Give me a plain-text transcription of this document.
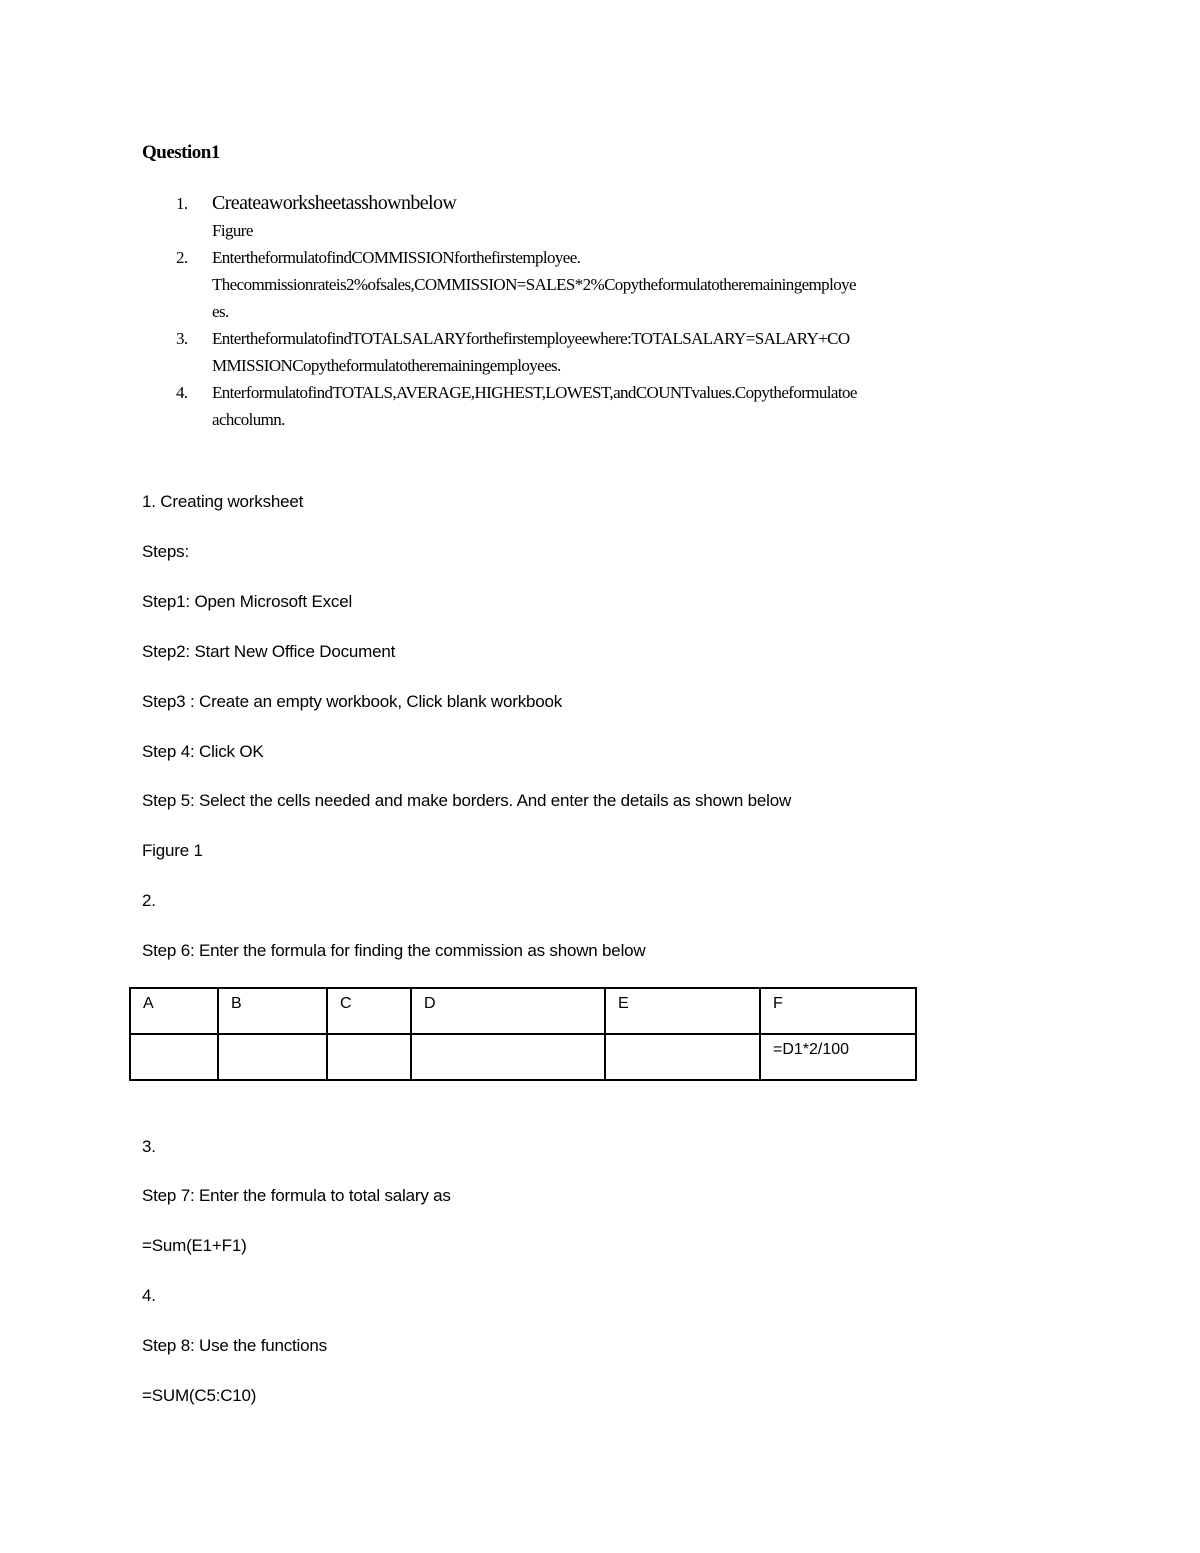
Question1
1. Createaworksheetasshownbelow
Figure
2. EntertheformulatofindCOMMISSIONforthefirstemployee.
Thecommissionrateis2%ofsales,COMMISSION=SALES*2%Copytheformulatotheremainingemploye
es.
3. EntertheformulatofindTOTALSALARYforthefirstemployeewhere:TOTALSALARY=SALARY+CO
MMISSIONCopytheformulatotheremainingemployees.
4. EnterformulatofindTOTALS,AVERAGE,HIGHEST,LOWEST,andCOUNTvalues.Copytheformulatoe
achcolumn.
1. Creating worksheet
Steps:
Step1: Open Microsoft Excel
Step2: Start New Office Document
Step3 : Create an empty workbook, Click blank workbook
Step 4: Click OK
Step 5: Select the cells needed and make borders. And enter the details as shown below
Figure 1
2.
Step 6: Enter the formula for finding the commission as shown below
A	B	C	D	E	F
					=D1*2/100
3.
Step 7: Enter the formula to total salary as
=Sum(E1+F1)
4.
Step 8: Use the functions
=SUM(C5:C10)
